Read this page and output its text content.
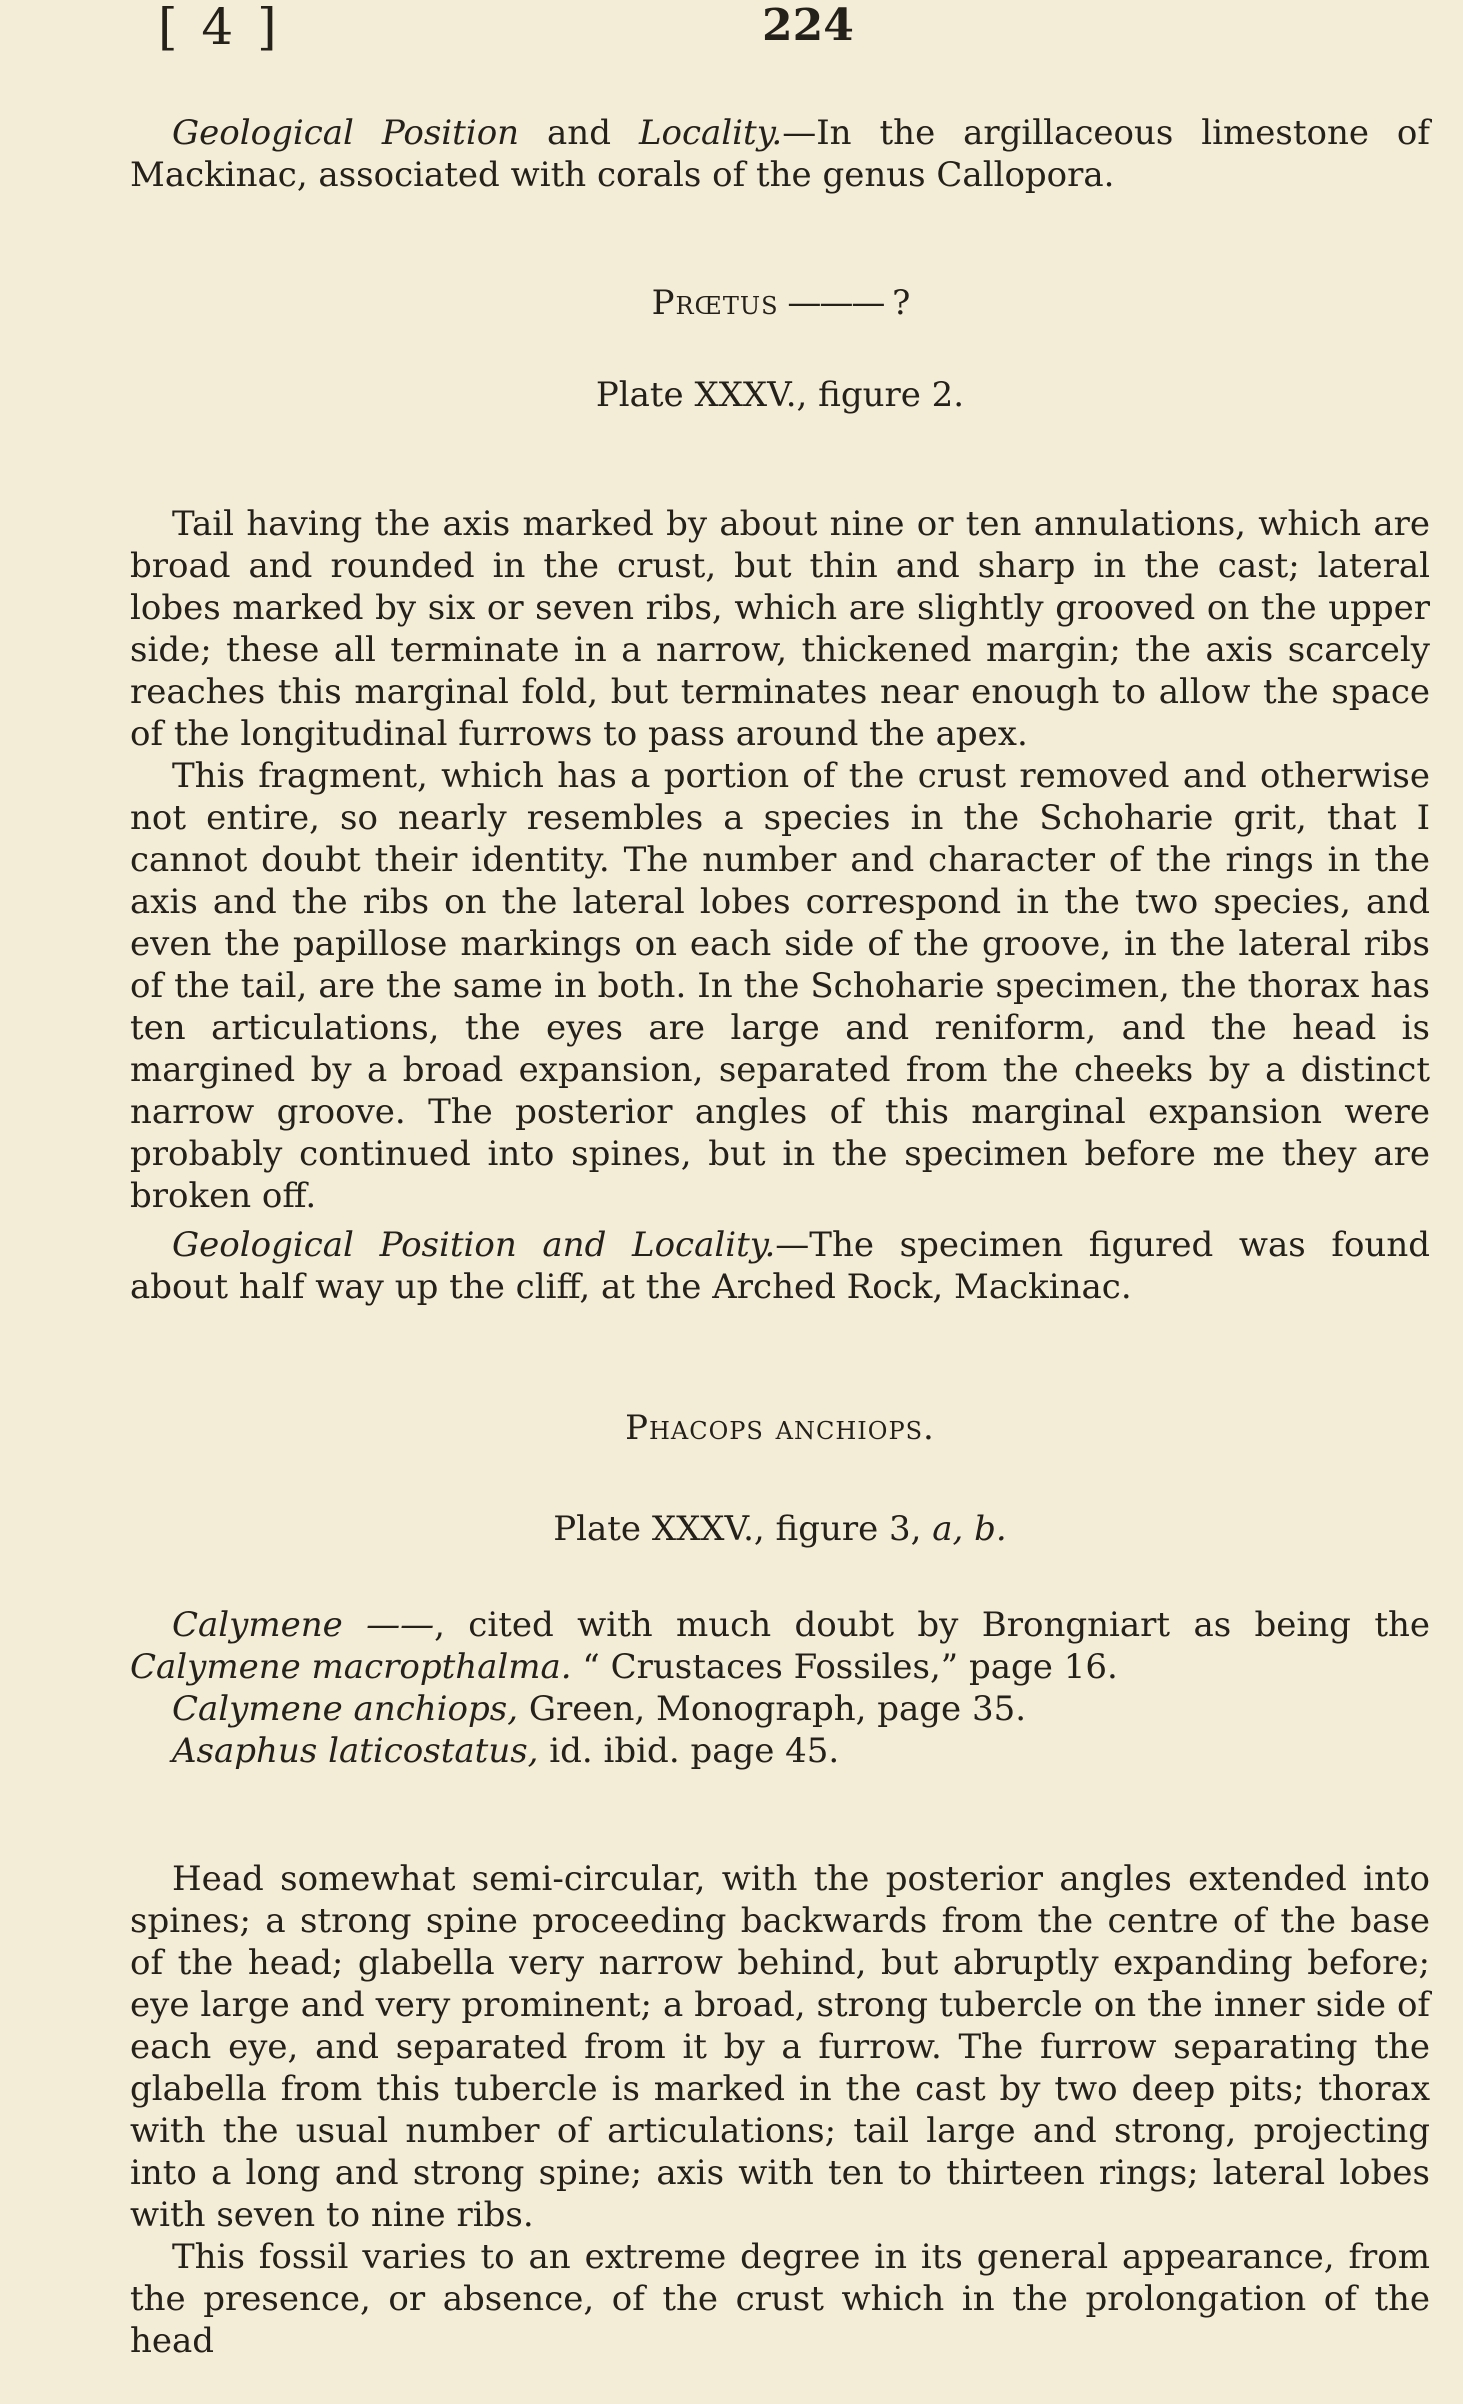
[ 4 ]	224
Geological Position and Locality.—In the argillaceous limestone of Mackinac, associated with corals of the genus Callopora.
Prœtus ——— ?
Plate XXXV., figure 2.
Tail having the axis marked by about nine or ten annulations, which are broad and rounded in the crust, but thin and sharp in the cast; lateral lobes marked by six or seven ribs, which are slightly grooved on the upper side; these all terminate in a narrow, thickened margin; the axis scarcely reaches this marginal fold, but terminates near enough to allow the space of the longitudinal furrows to pass around the apex.
This fragment, which has a portion of the crust removed and otherwise not entire, so nearly resembles a species in the Schoharie grit, that I cannot doubt their identity. The number and character of the rings in the axis and the ribs on the lateral lobes correspond in the two species, and even the papillose markings on each side of the groove, in the lateral ribs of the tail, are the same in both. In the Schoharie specimen, the thorax has ten articulations, the eyes are large and reniform, and the head is margined by a broad expansion, separated from the cheeks by a distinct narrow groove. The posterior angles of this marginal expansion were probably continued into spines, but in the specimen before me they are broken off.
Geological Position and Locality.—The specimen figured was found about half way up the cliff, at the Arched Rock, Mackinac.
Phacops anchiops.
Plate XXXV., figure 3, a, b.
Calymene ——, cited with much doubt by Brongniart as being the Calymene macropthalma. “ Crustaces Fossiles,” page 16.
Calymene anchiops, Green, Monograph, page 35.
Asaphus laticostatus, id. ibid. page 45.
Head somewhat semi-circular, with the posterior angles extended into spines; a strong spine proceeding backwards from the centre of the base of the head; glabella very narrow behind, but abruptly expanding before; eye large and very prominent; a broad, strong tubercle on the inner side of each eye, and separated from it by a furrow. The furrow separating the glabella from this tubercle is marked in the cast by two deep pits; thorax with the usual number of articulations; tail large and strong, projecting into a long and strong spine; axis with ten to thirteen rings; lateral lobes with seven to nine ribs.
This fossil varies to an extreme degree in its general appearance, from the presence, or absence, of the crust which in the prolongation of the head
